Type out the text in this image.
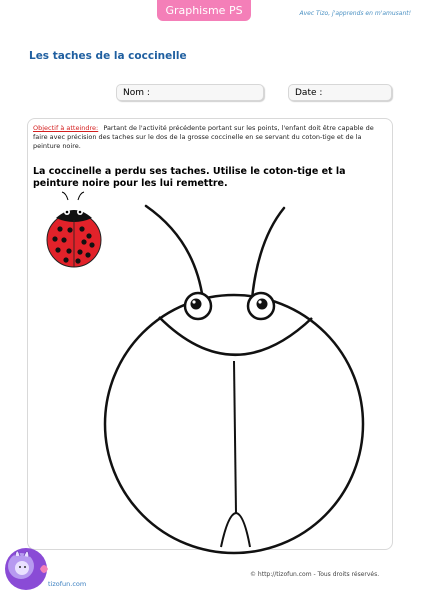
Graphisme PS	Avec Tizo, j'apprends en m'amusant!
Les taches de la coccinelle
Nom :	Date :
Objectif à atteindre: Partant de l'activité précédente portant sur les points, l'enfant doit être capable de faire avec précision des taches sur le dos de la grosse coccinelle en se servant du coton-tige et de la peinture noire.
La coccinelle a perdu ses taches. Utilise le coton-tige et la peinture noire pour les lui remettre.
tizofun.com
© http://tizofun.com - Tous droits réservés.
